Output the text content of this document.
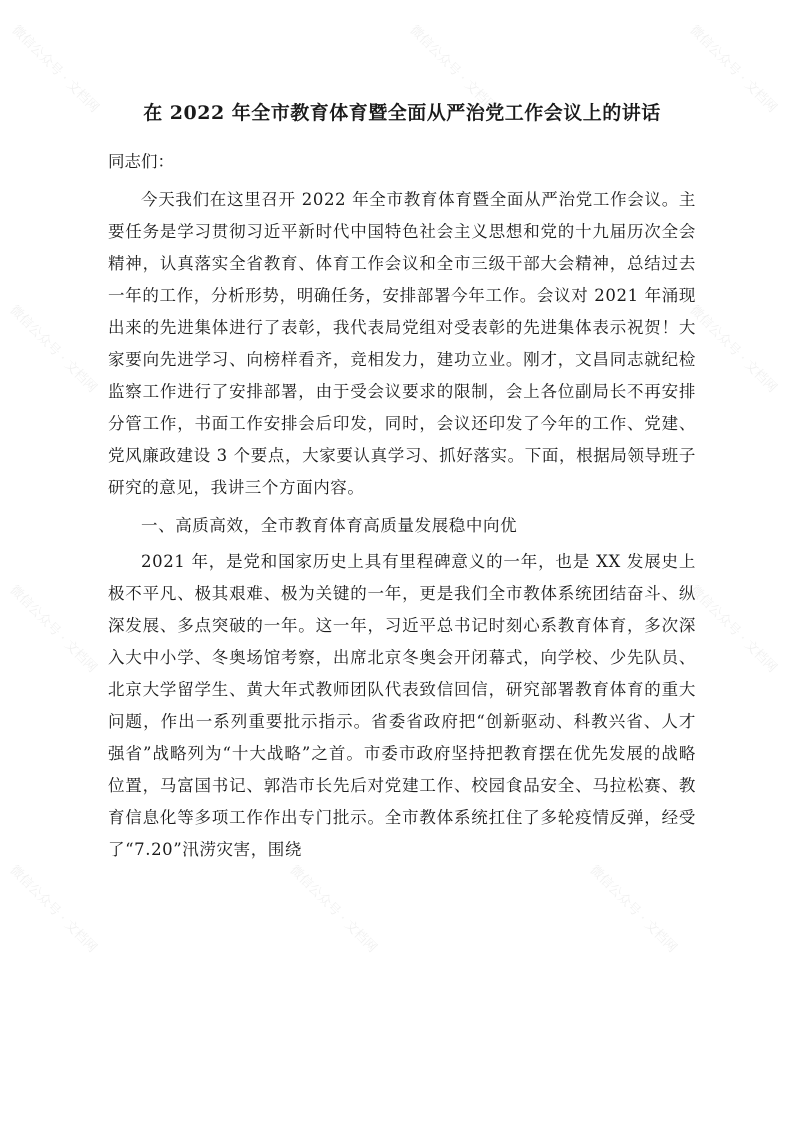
微信公众号 · 文档网	微信公众号 · 文档网	微信公众号 · 文档网
微信公众号 · 文档网	微信公众号 · 文档网
微信公众号 · 文档网	微信公众号 · 文档网
微信公众号 · 文档网	微信公众号 · 文档网
微信公众号 · 文档网
在 2022 年全市教育体育暨全面从严治党工作会议上的讲话

同志们：

今天我们在这里召开 2022 年全市教育体育暨全面从严治党工作会议。主要任务是学习贯彻习近平新时代中国特色社会主义思想和党的十九届历次全会精神，认真落实全省教育、体育工作会议和全市三级干部大会精神，总结过去一年的工作，分析形势，明确任务，安排部署今年工作。会议对 2021 年涌现出来的先进集体进行了表彰，我代表局党组对受表彰的先进集体表示祝贺！大家要向先进学习、向榜样看齐，竞相发力，建功立业。刚才，文昌同志就纪检监察工作进行了安排部署，由于受会议要求的限制，会上各位副局长不再安排分管工作，书面工作安排会后印发，同时，会议还印发了今年的工作、党建、党风廉政建设 3 个要点，大家要认真学习、抓好落实。下面，根据局领导班子研究的意见，我讲三个方面内容。

一、高质高效，全市教育体育高质量发展稳中向优

2021 年，是党和国家历史上具有里程碑意义的一年，也是 XX 发展史上极不平凡、极其艰难、极为关键的一年，更是我们全市教体系统团结奋斗、纵深发展、多点突破的一年。这一年，习近平总书记时刻心系教育体育，多次深入大中小学、冬奥场馆考察，出席北京冬奥会开闭幕式，向学校、少先队员、北京大学留学生、黄大年式教师团队代表致信回信，研究部署教育体育的重大问题，作出一系列重要批示指示。省委省政府把“创新驱动、科教兴省、人才强省”战略列为“十大战略”之首。市委市政府坚持把教育摆在优先发展的战略位置，马富国书记、郭浩市长先后对党建工作、校园食品安全、马拉松赛、教育信息化等多项工作作出专门批示。全市教体系统扛住了多轮疫情反弹，经受了“7.20”汛涝灾害，围绕
